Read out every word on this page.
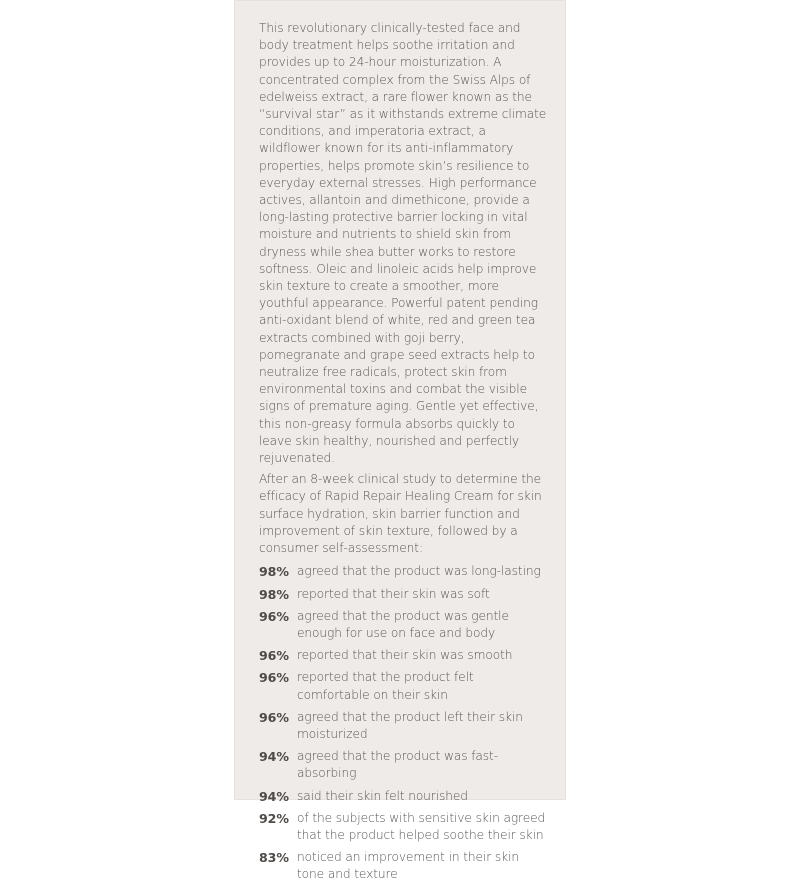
This revolutionary clinically-tested face and body treatment helps soothe irritation and provides up to 24-hour moisturization. A concentrated complex from the Swiss Alps of edelweiss extract, a rare flower known as the “survival star” as it withstands extreme climate conditions, and imperatoria extract, a wildflower known for its anti-inflammatory properties, helps promote skin’s resilience to everyday external stresses. High performance actives, allantoin and dimethicone, provide a long-lasting protective barrier locking in vital moisture and nutrients to shield skin from dryness while shea butter works to restore softness. Oleic and linoleic acids help improve skin texture to create a smoother, more youthful appearance. Powerful patent pending anti-oxidant blend of white, red and green tea extracts combined with goji berry, pomegranate and grape seed extracts help to neutralize free radicals, protect skin from environmental toxins and combat the visible signs of premature aging. Gentle yet effective, this non-greasy formula absorbs quickly to leave skin healthy, nourished and perfectly rejuvenated.

After an 8-week clinical study to determine the efficacy of Rapid Repair Healing Cream for skin surface hydration, skin barrier function and improvement of skin texture, followed by a consumer self-assessment:

98% agreed that the product was long-lasting
98% reported that their skin was soft
96% agreed that the product was gentle enough for use on face and body
96% reported that their skin was smooth
96% reported that the product felt comfortable on their skin
96% agreed that the product left their skin moisturized
94% agreed that the product was fast-absorbing
94% said their skin felt nourished
92% of the subjects with sensitive skin agreed that the product helped soothe their skin
83% noticed an improvement in their skin tone and texture
